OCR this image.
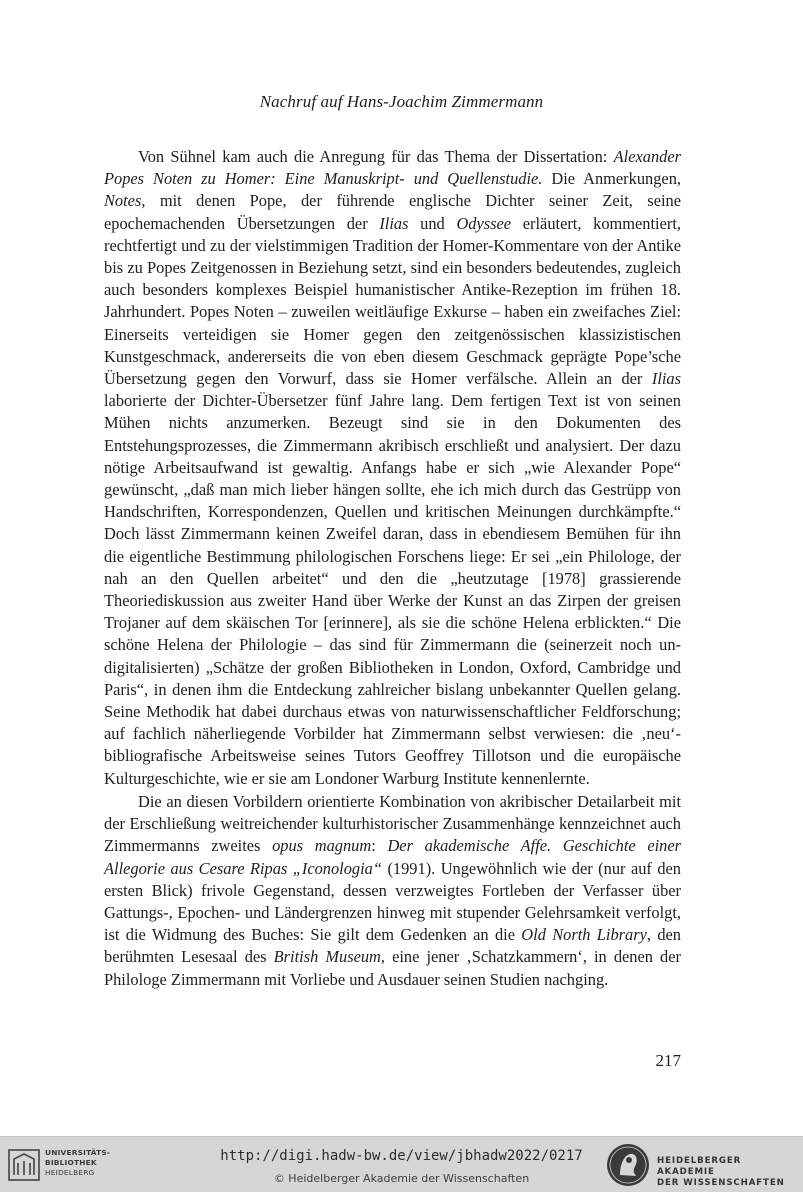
Nachruf auf Hans-Joachim Zimmermann

Von Sühnel kam auch die Anregung für das Thema der Dissertation: Alexander Popes Noten zu Homer: Eine Manuskript- und Quellenstudie. Die Anmerkungen, Notes, mit denen Pope, der führende englische Dichter seiner Zeit, seine epochemachenden Übersetzungen der Ilias und Odyssee erläutert, kommentiert, rechtfertigt und zu der vielstimmigen Tradition der Homer-Kommentare von der Antike bis zu Popes Zeitgenossen in Beziehung setzt, sind ein besonders bedeutendes, zugleich auch besonders komplexes Beispiel humanistischer Antike-Rezeption im frühen 18. Jahrhundert. Popes Noten – zuweilen weitläufige Exkurse – haben ein zweifaches Ziel: Einerseits verteidigen sie Homer gegen den zeitgenössischen klassizistischen Kunstgeschmack, andererseits die von eben diesem Geschmack geprägte Pope’sche Übersetzung gegen den Vorwurf, dass sie Homer verfälsche. Allein an der Ilias laborierte der Dichter-Übersetzer fünf Jahre lang. Dem fertigen Text ist von seinen Mühen nichts anzumerken. Bezeugt sind sie in den Dokumenten des Entstehungsprozesses, die Zimmermann akribisch erschließt und analysiert. Der dazu nötige Arbeitsaufwand ist gewaltig. Anfangs habe er sich „wie Alexander Pope“ gewünscht, „daß man mich lieber hängen sollte, ehe ich mich durch das Gestrüpp von Handschriften, Korrespondenzen, Quellen und kritischen Meinungen durchkämpfte.“ Doch lässt Zimmermann keinen Zweifel daran, dass in ebendiesem Bemühen für ihn die eigentliche Bestimmung philologischen Forschens liege: Er sei „ein Philologe, der nah an den Quellen arbeitet“ und den die „heutzutage [1978] grassierende Theoriediskussion aus zweiter Hand über Werke der Kunst an das Zirpen der greisen Trojaner auf dem skäischen Tor [erinnere], als sie die schöne Helena erblickten.“ Die schöne Helena der Philologie – das sind für Zimmermann die (seinerzeit noch un-digitalisierten) „Schätze der großen Bibliotheken in London, Oxford, Cambridge und Paris“, in denen ihm die Entdeckung zahlreicher bislang unbekannter Quellen gelang. Seine Methodik hat dabei durchaus etwas von naturwissenschaftlicher Feldforschung; auf fachlich näherliegende Vorbilder hat Zimmermann selbst verwiesen: die ‚neu‘-bibliografische Arbeitsweise seines Tutors Geoffrey Tillotson und die europäische Kulturgeschichte, wie er sie am Londoner Warburg Institute kennenlernte.

Die an diesen Vorbildern orientierte Kombination von akribischer Detailarbeit mit der Erschließung weitreichender kulturhistorischer Zusammenhänge kennzeichnet auch Zimmermanns zweites opus magnum: Der akademische Affe. Geschichte einer Allegorie aus Cesare Ripas „Iconologia“ (1991). Ungewöhnlich wie der (nur auf den ersten Blick) frivole Gegenstand, dessen verzweigtes Fortleben der Verfasser über Gattungs-, Epochen- und Ländergrenzen hinweg mit stupender Gelehrsamkeit verfolgt, ist die Widmung des Buches: Sie gilt dem Gedenken an die Old North Library, den berühmten Lesesaal des British Museum, eine jener ‚Schatzkammern‘, in denen der Philologe Zimmermann mit Vorliebe und Ausdauer seinen Studien nachging.

217
UNIVERSITÄTS-
BIBLIOTHEK
HEIDELBERG
http://digi.hadw-bw.de/view/jbhadw2022/0217
© Heidelberger Akademie der Wissenschaften
HEIDELBERGER AKADEMIE
DER WISSENSCHAFTEN
